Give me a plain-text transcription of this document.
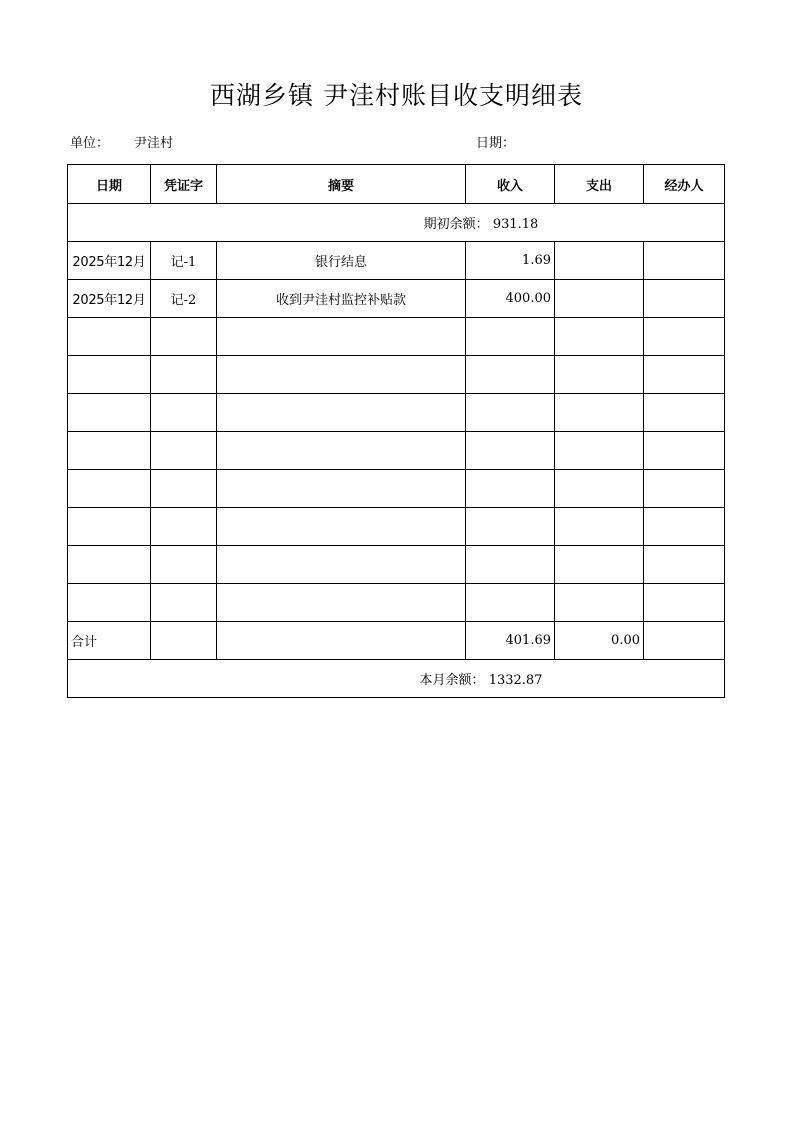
西湖乡镇 尹洼村账目收支明细表
单位： 尹洼村	日期：
日期	凭证字	摘要	收入	支出	经办人
期初余额： 931.18					
2025年12月	记-1	银行结息	1.69		
2025年12月	记-2	收到尹洼村监控补贴款	400.00		

合计			401.69	0.00	
本月余额： 1332.87					
